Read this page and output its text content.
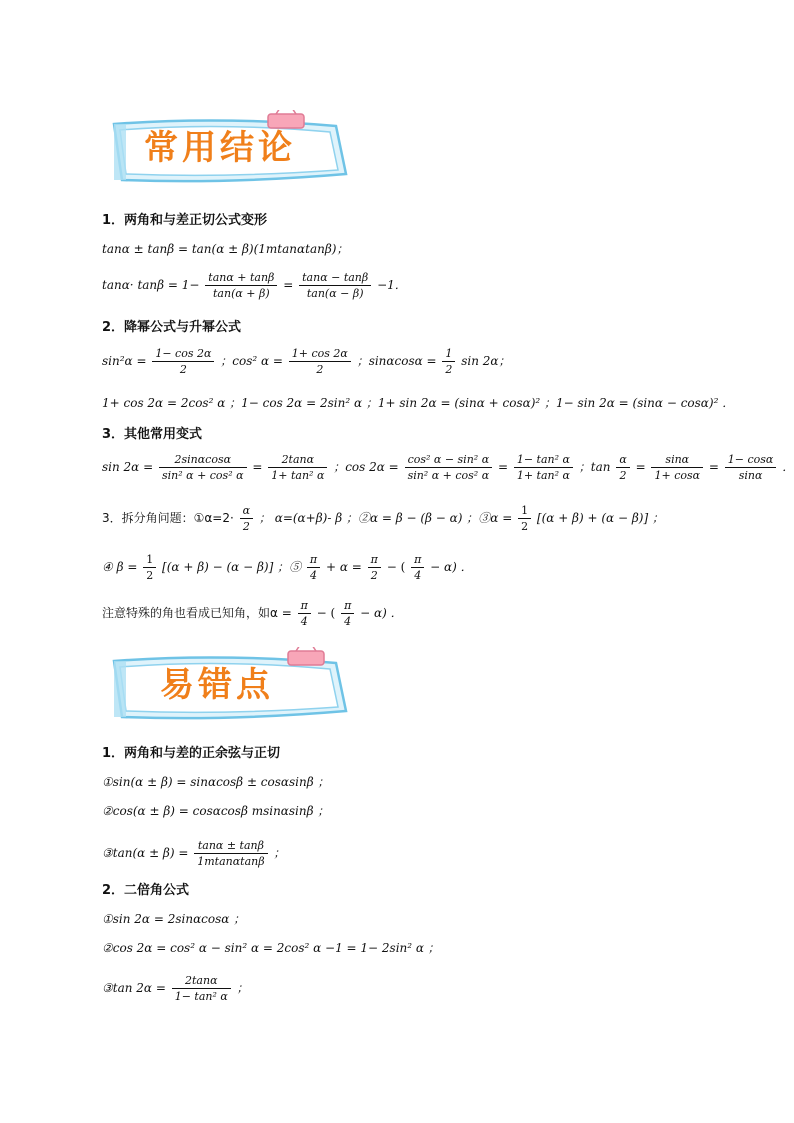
常用结论
1．两角和与差正切公式变形
tanα ± tanβ = tan(α ± β)(1mtanαtanβ)；
$\tan\alpha\cdot \tan\beta = 1- \frac{\tan\alpha + \tan\beta}{\tan(\alpha + \beta)} = \frac{\tan\alpha - \tan\beta}{\tan(\alpha - \beta)} -1$．
2．降幂公式与升幂公式
$\sin^2\alpha = \frac{1- \cos 2\alpha}{2}$ ；cos² $\alpha = \frac{1+ \cos 2\alpha}{2}$ ；$\sin\alpha\cos\alpha = \frac{1}{2}$ sin 2α；
1+ cos 2α = 2cos² α ；1− cos 2α = 2sin² α ；1+ sin 2α = (sinα + cosα)² ；1− sin 2α = (sinα − cosα)² ．
3．其他常用变式
$\sin 2\alpha = \frac{2\sin\alpha\cos\alpha}{\text{sin² α + cos² α}} = \frac{2\tan\alpha}{\text{1+ tan² α}}$ ；$\cos 2\alpha = \frac{\text{cos² α − sin² α}}{\text{sin² α + cos² α}} = \frac{\text{1− tan² α}}{\text{1+ tan² α}}$ ；$\tan \frac{\alpha}{2} = \frac{\sin\alpha}{1+ \cos\alpha} = \frac{1- \cos\alpha}{\sin\alpha}$ ．
3．拆分角问题：①α=2· $\frac{\alpha}{2}$ ； α=(α+β)- β ；②α = β − (β − α) ；③α = $\frac{1}{2} [(\alpha + \beta) + (\alpha - \beta)]$ ；
④ $\beta = \frac{1}{2} [(\alpha + \beta) - (\alpha - \beta)]$ ；⑤ $\frac{\pi}{4} + \alpha = \frac{\pi}{2}$ − ( $\frac{\pi}{4} - \alpha$) ．
注意特殊的角也看成已知角，如$\alpha = \frac{\pi}{4}$ − ( $\frac{\pi}{4} - \alpha$) ．
易错点
1．两角和与差的正余弦与正切
①sin(α ± β) = sinαcosβ ± cosαsinβ ；
②cos(α ± β) = cosαcosβ msinαsinβ ；
③tan(α ± $\beta) = \frac{\tan\alpha \pm \tan\beta}{1mtan\alpha\tan\beta}$ ；
2．二倍角公式
①sin 2α = 2sinαcosα ；
②cos 2α = cos² α − sin² α = 2cos² α −1 = 1− 2sin² α ；
③tan $2\alpha = \frac{2\tan\alpha}{\text{1− tan² α}}$ ；
